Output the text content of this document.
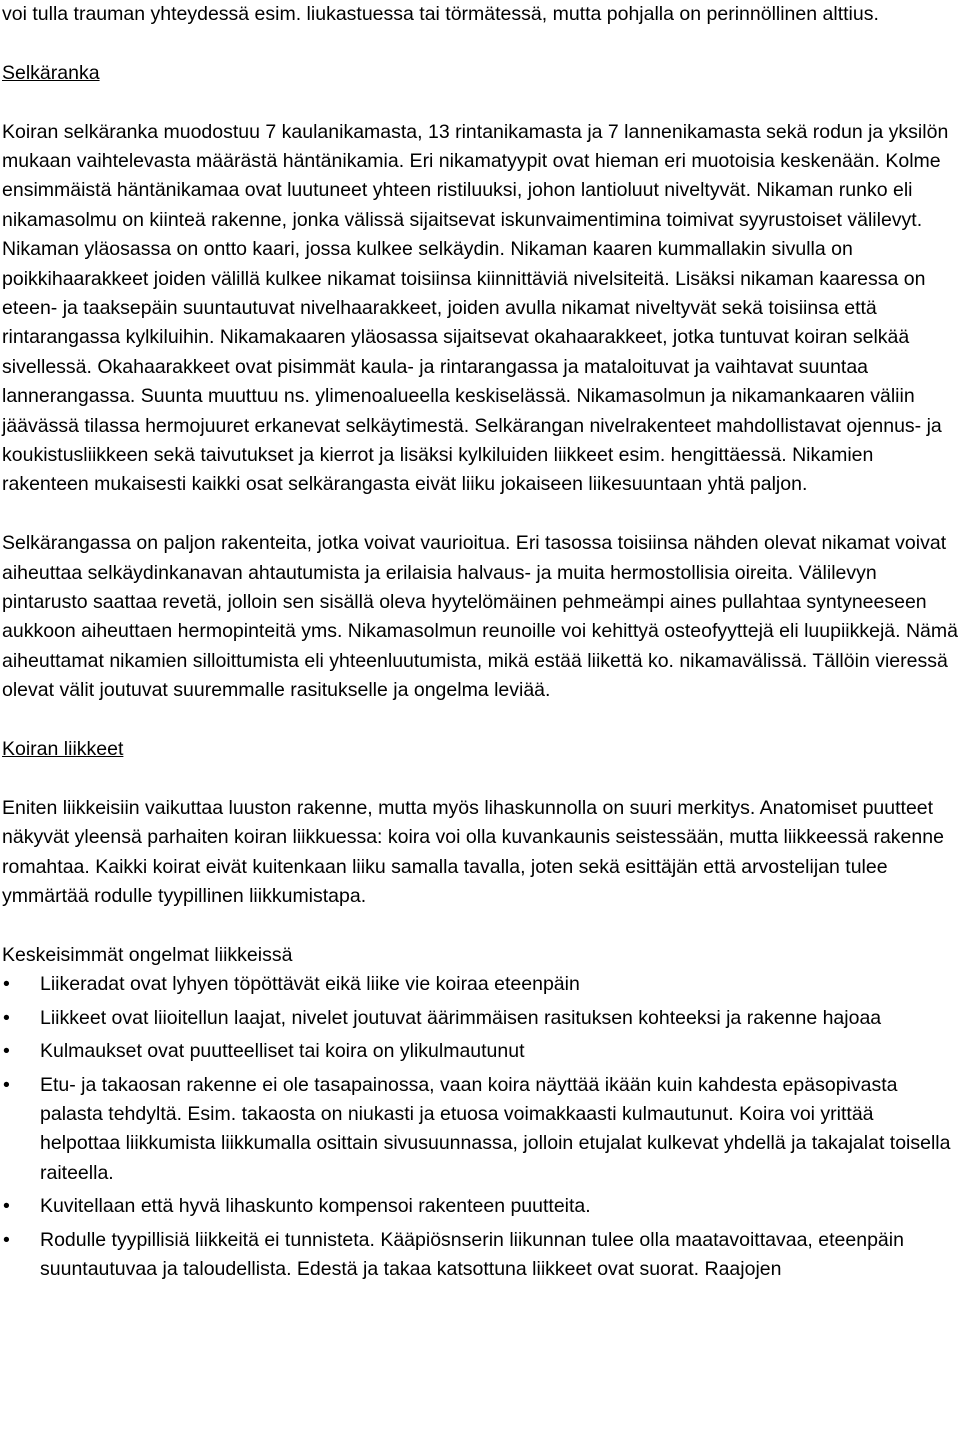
voi tulla trauman yhteydessä esim. liukastuessa tai törmätessä, mutta pohjalla on perinnöllinen alttius.

Selkäranka

Koiran selkäranka muodostuu 7 kaulanikamasta, 13 rintanikamasta ja 7 lannenikamasta sekä rodun ja yksilön mukaan vaihtelevasta määrästä häntänikamia. Eri nikamatyypit ovat hieman eri muotoisia keskenään. Kolme ensimmäistä häntänikamaa ovat luutuneet yhteen ristiluuksi, johon lantioluut niveltyvät. Nikaman runko eli nikamasolmu on kiinteä rakenne, jonka välissä sijaitsevat iskunvaimentimina toimivat syyrustoiset välilevyt. Nikaman yläosassa on ontto kaari, jossa kulkee selkäydin. Nikaman kaaren kummallakin sivulla on poikkihaarakkeet joiden välillä kulkee nikamat toisiinsa kiinnittäviä nivelsiteitä. Lisäksi nikaman kaaressa on eteen- ja taaksepäin suuntautuvat nivelhaarakkeet, joiden avulla nikamat niveltyvät sekä toisiinsa että rintarangassa kylkiluihin. Nikamakaaren yläosassa sijaitsevat okahaarakkeet, jotka tuntuvat koiran selkää sivellessä. Okahaarakkeet ovat pisimmät kaula- ja rintarangassa ja mataloituvat ja vaihtavat suuntaa lannerangassa. Suunta muuttuu ns. ylimenoalueella keskiselässä. Nikamasolmun ja nikamankaaren väliin jäävässä tilassa hermojuuret erkanevat selkäytimestä. Selkärangan nivelrakenteet mahdollistavat ojennus- ja koukistusliikkeen sekä taivutukset ja kierrot ja lisäksi kylkiluiden liikkeet esim. hengittäessä. Nikamien rakenteen mukaisesti kaikki osat selkärangasta eivät liiku jokaiseen liikesuuntaan yhtä paljon.

Selkärangassa on paljon rakenteita, jotka voivat vaurioitua. Eri tasossa toisiinsa nähden olevat nikamat voivat aiheuttaa selkäydinkanavan ahtautumista ja erilaisia halvaus- ja muita hermostollisia oireita. Välilevyn pintarusto saattaa revetä, jolloin sen sisällä oleva hyytelömäinen pehmeämpi aines pullahtaa syntyneeseen aukkoon aiheuttaen hermopinteitä yms. Nikamasolmun reunoille voi kehittyä osteofyyttejä eli luupiikkejä. Nämä aiheuttamat nikamien silloittumista eli yhteenluutumista, mikä estää liikettä ko. nikamavälissä. Tällöin vieressä olevat välit joutuvat suuremmalle rasitukselle ja ongelma leviää.

Koiran liikkeet

Eniten liikkeisiin vaikuttaa luuston rakenne, mutta myös lihaskunnolla on suuri merkitys. Anatomiset puutteet näkyvät yleensä parhaiten koiran liikkuessa: koira voi olla kuvankaunis seistessään, mutta liikkeessä rakenne romahtaa. Kaikki koirat eivät kuitenkaan liiku samalla tavalla, joten sekä esittäjän että arvostelijan tulee ymmärtää rodulle tyypillinen liikkumistapa.

Keskeisimmät ongelmat liikkeissä

• Liikeradat ovat lyhyen töpöttävät eikä liike vie koiraa eteenpäin
• Liikkeet ovat liioitellun laajat, nivelet joutuvat äärimmäisen rasituksen kohteeksi ja rakenne hajoaa
• Kulmaukset ovat puutteelliset tai koira on ylikulmautunut
• Etu- ja takaosan rakenne ei ole tasapainossa, vaan koira näyttää ikään kuin kahdesta epäsopivasta palasta tehdyltä. Esim. takaosta on niukasti ja etuosa voimakkaasti kulmautunut. Koira voi yrittää helpottaa liikkumista liikkumalla osittain sivusuunnassa, jolloin etujalat kulkevat yhdellä ja takajalat toisella raiteella.
• Kuvitellaan että hyvä lihaskunto kompensoi rakenteen puutteita.
• Rodulle tyypillisiä liikkeitä ei tunnisteta. Kääpiösnserin liikunnan tulee olla maatavoittavaa, eteenpäin suuntautuvaa ja taloudellista. Edestä ja takaa katsottuna liikkeet ovat suorat. Raajojen
